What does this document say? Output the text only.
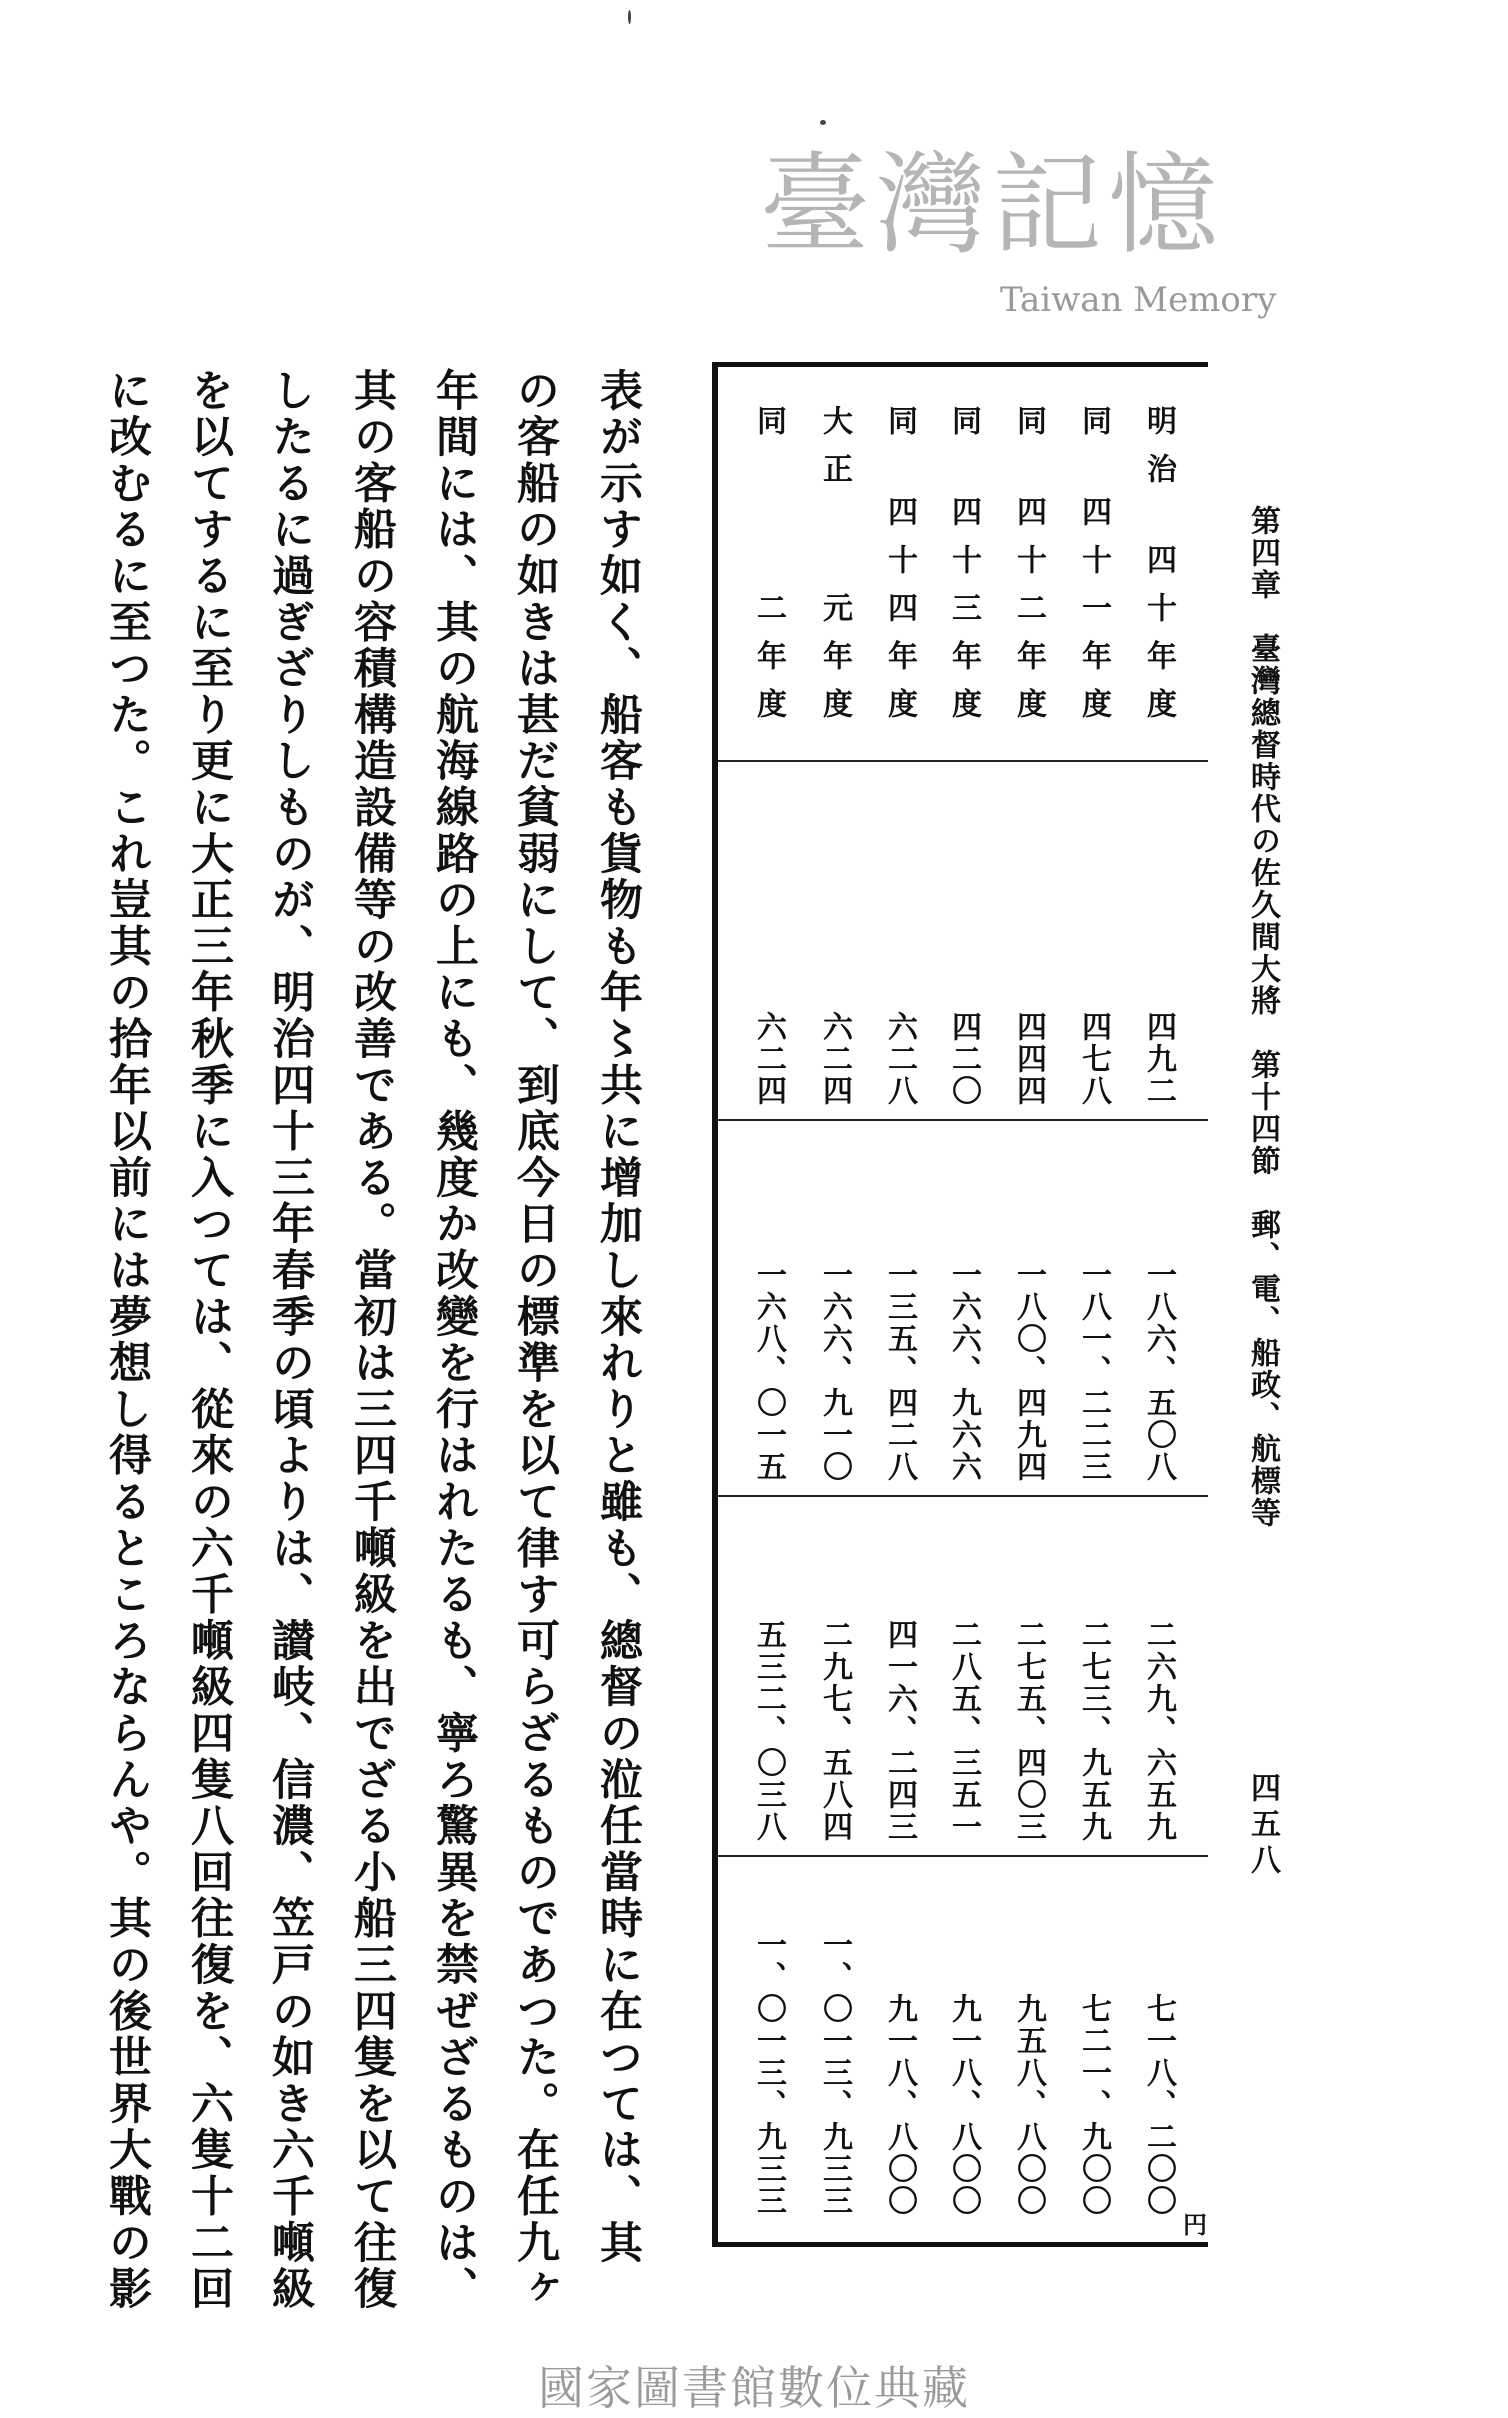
第四章　臺灣總督時代の佐久間大將　第十四節　郵、電、船政、航標等
四五八
明治
四十年度
四九二
一八六、五〇八
二六九、六五九
七一八、二〇〇
同
四十一年度
四七八
一八一、二二三
二七三、九五九
七二一、九〇〇
同
四十二年度
四四四
一八〇、四九四
二七五、四〇三
九五八、八〇〇
同
四十三年度
四二〇
一六六、九六六
二八五、三五一
九一八、八〇〇
同
四十四年度
六二八
一三五、四二八
四一六、二四三
九一八、八〇〇
大正
元年度
六二四
一六六、九一〇
二九七、五八四
一、〇一三、九三三
同
二年度
六二四
一六八、〇一五
五三二、〇三八
一、〇一三、九三三
円
表が示す如く、船客も貨物も年〻共に增加し來れりと雖も、總督の涖任當時に在つては、其
の客船の如きは甚だ貧弱にして、到底今日の標準を以て律す可らざるものであつた。在任九ヶ
年間には、其の航海線路の上にも、幾度か改變を行はれたるも、寧ろ驚異を禁ぜざるものは、
其の客船の容積構造設備等の改善である。當初は三四千噸級を出でざる小船三四隻を以て往復
したるに過ぎざりしものが、明治四十三年春季の頃よりは、讃岐、信濃、笠戸の如き六千噸級
を以てするに至り更に大正三年秋季に入つては、從來の六千噸級四隻八回往復を、六隻十二回
に改むるに至つた。これ豈其の拾年以前には夢想し得るところならんや。其の後世界大戰の影
臺灣記憶
Taiwan Memory
國家圖書館數位典藏
